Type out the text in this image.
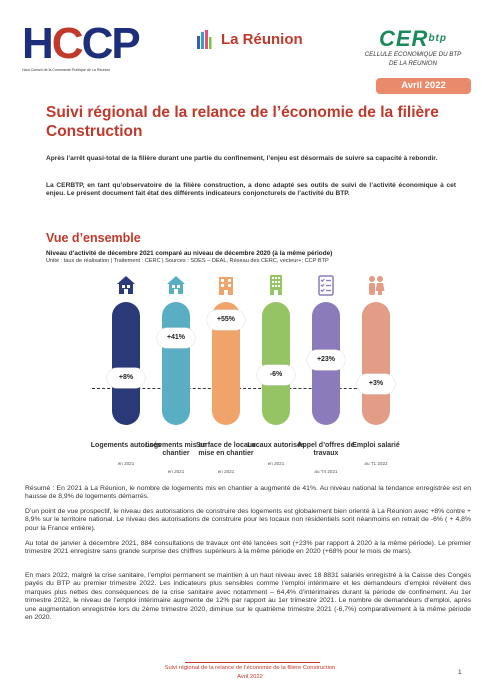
H C C P
Haut Conseil de la Commande Publique de La Réunion
La Réunion	$CER^{btp}$
CELLULE ECONOMIQUE DU BTP
DE LA REUNION
Avril 2022
Suivi régional de la relance de l’économie de la filière Construction
Après l’arrêt quasi-total de la filière durant une partie du confinement, l’enjeu est désormais de suivre sa capacité à rebondir.
La CERBTP, en tant qu’observatoire de la filière construction, a donc adapté ses outils de suivi de l’activité économique à cet enjeu. Le présent document fait état des différents indicateurs conjoncturels de l’activité du BTP.
Vue d’ensemble
Niveau d’activité de décembre 2021 comparé au niveau de décembre 2020 (à la même période)
Unité : taux de réalisation | Traitement : CERC | Sources : SDES – DEAL, Réseau des CERC, vecteur+; CCP BTP
+8%
Logements autorisés
en 2021
+41%
Logements mis en chantier
en 2021
+55%
Surface de locaux mise en chantier
en 2021
-6%
Locaux autorisés
en 2021
+23%
Appel d’offres de travaux
au T4 2021
+3%
Emploi salarié
au T1 2022
Résumé : En 2021 à La Réunion, le nombre de logements mis en chantier a augmenté de 41%. Au niveau national la tendance enregistrée est en hausse de 8,9% de logements démarrés.
D’un point de vue prospectif, le niveau des autorisations de construire des logements est globalement bien orienté à La Réunion avec +8% contre + 8,9% sur le territoire national. Le niveau des autorisations de construire pour les locaux non résidentiels sont néanmoins en retrait de -6% ( + 4,8% pour la France entière).
Au total de janvier à décembre 2021, 884 consultations de travaux ont été lancées soit (+23% par rapport à 2020 à la même période). Le premier trimestre 2021 enregistre sans grande surprise des chiffres supérieurs à la même période en 2020 (+68% pour le mois de mars).
En mars 2022, malgré la crise sanitaire, l’emploi permanent se maintien à un haut niveau avec 18 8831 salariés enregistré à la Caisse des Congés payés du BTP au premier trimestre 2022. Les indicateurs plus sensibles comme l’emploi intérimaire et les demandeurs d’emploi révèlent des marques plus nettes des conséquences de la crise sanitaire avec notamment – 64,4% d’intérimaires durant la période de confinement. Au 1er trimestre 2022, le niveau de l’emploi intérimaire augmente de 12% par rapport au 1er trimestre 2021. Le nombre de demandeurs d’emploi, après une augmentation enregistrée lors du 2ème trimestre 2020, diminue sur le quatrième trimestre 2021 (-6,7%) comparativement à la même période en 2020.
Suivi régional de la relance de l’économie de la filière Construction
Avril 2022
1
